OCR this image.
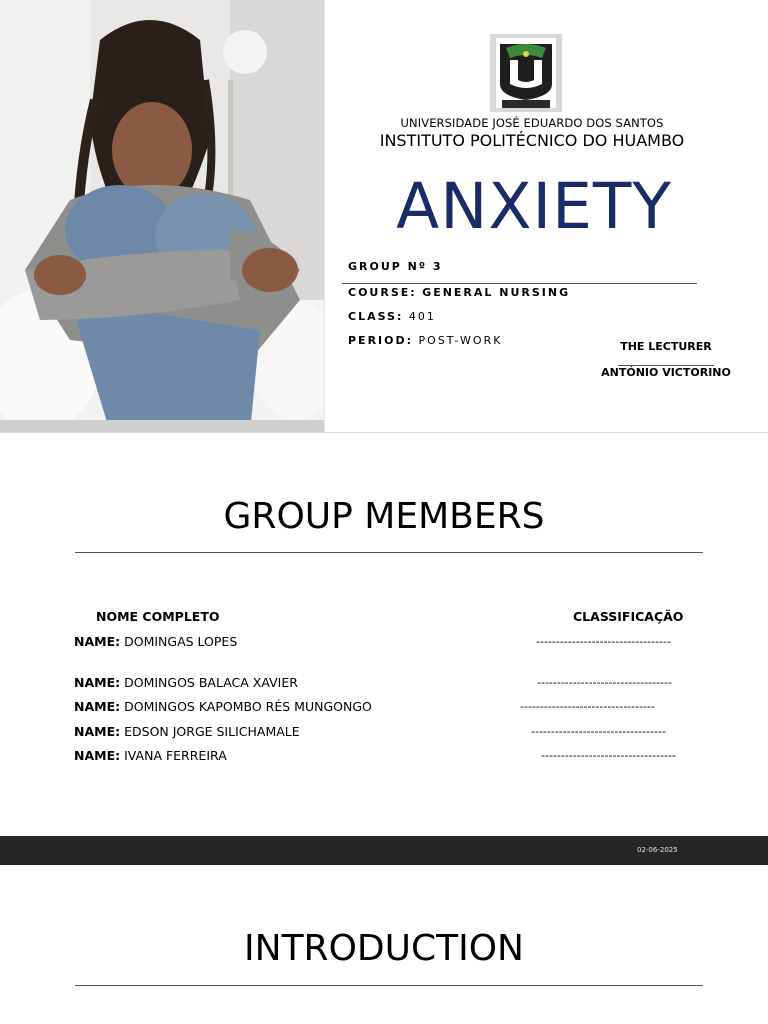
UNIVERSIDADE JOSÉ EDUARDO DOS SANTOS
INSTITUTO POLITÉCNICO DO HUAMBO
ANXIETY
GROUP Nº 3
COURSE: GENERAL NURSING
CLASS: 401
PERIOD: POST-WORK	THE LECTURER
ANTÓNIO VICTORINO
GROUP MEMBERS
NOME COMPLETO	CLASSIFICAÇÃO
NAME: DOMINGAS LOPES	----------------------------------
NAME: DOMINGOS BALACA XAVIER	----------------------------------
NAME: DOMINGOS KAPOMBO RÉS MUNGONGO	----------------------------------
NAME: EDSON JORGE SILICHAMALE	----------------------------------
NAME: IVANA FERREIRA	----------------------------------
02-06-2025
INTRODUCTION
